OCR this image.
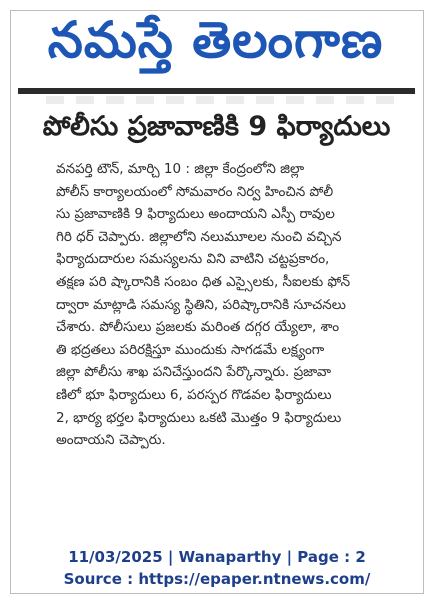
నమస్తే తెలంగాణ
పోలీసు ప్రజావాణికి 9 ఫిర్యాదులు
వనపర్తి టౌన్, మార్చి 10 : జిల్లా కేంద్రంలోని జిల్లా
పోలీస్ కార్యాలయంలో సోమవారం నిర్వ హించిన పోలీ
సు ప్రజావాణికి 9 ఫిర్యాదులు అందాయని ఎస్పీ రావుల
గిరి ధర్ చెప్పారు. జిల్లాలోని నలుమూలల నుంచి వచ్చిన
ఫిర్యాదుదారుల సమస్యలను విని వాటిని చట్టప్రకారం,
తక్షణ పరి ష్కారానికి సంబం ధిత ఎస్సైలకు, సీఐలకు ఫోన్
ద్వారా మాట్లాడి సమస్య స్థితిని, పరిష్కారానికి సూచనలు
చేశారు. పోలీసులు ప్రజలకు మరింత దగ్గర య్యేలా, శాం
తి భద్రతలు పరిరక్షిస్తూ ముందుకు సాగడమే లక్ష్యంగా
జిల్లా పోలీసు శాఖ పనిచేస్తుందని పేర్కొన్నారు. ప్రజావా
ణిలో భూ ఫిర్యాదులు 6, పరస్పర గొడవల ఫిర్యాదులు
2, భార్య భర్తల ఫిర్యాదులు ఒకటి మొత్తం 9 ఫిర్యాదులు
అందాయని చెప్పారు.
11/03/2025 | Wanaparthy | Page : 2
Source : https://epaper.ntnews.com/
